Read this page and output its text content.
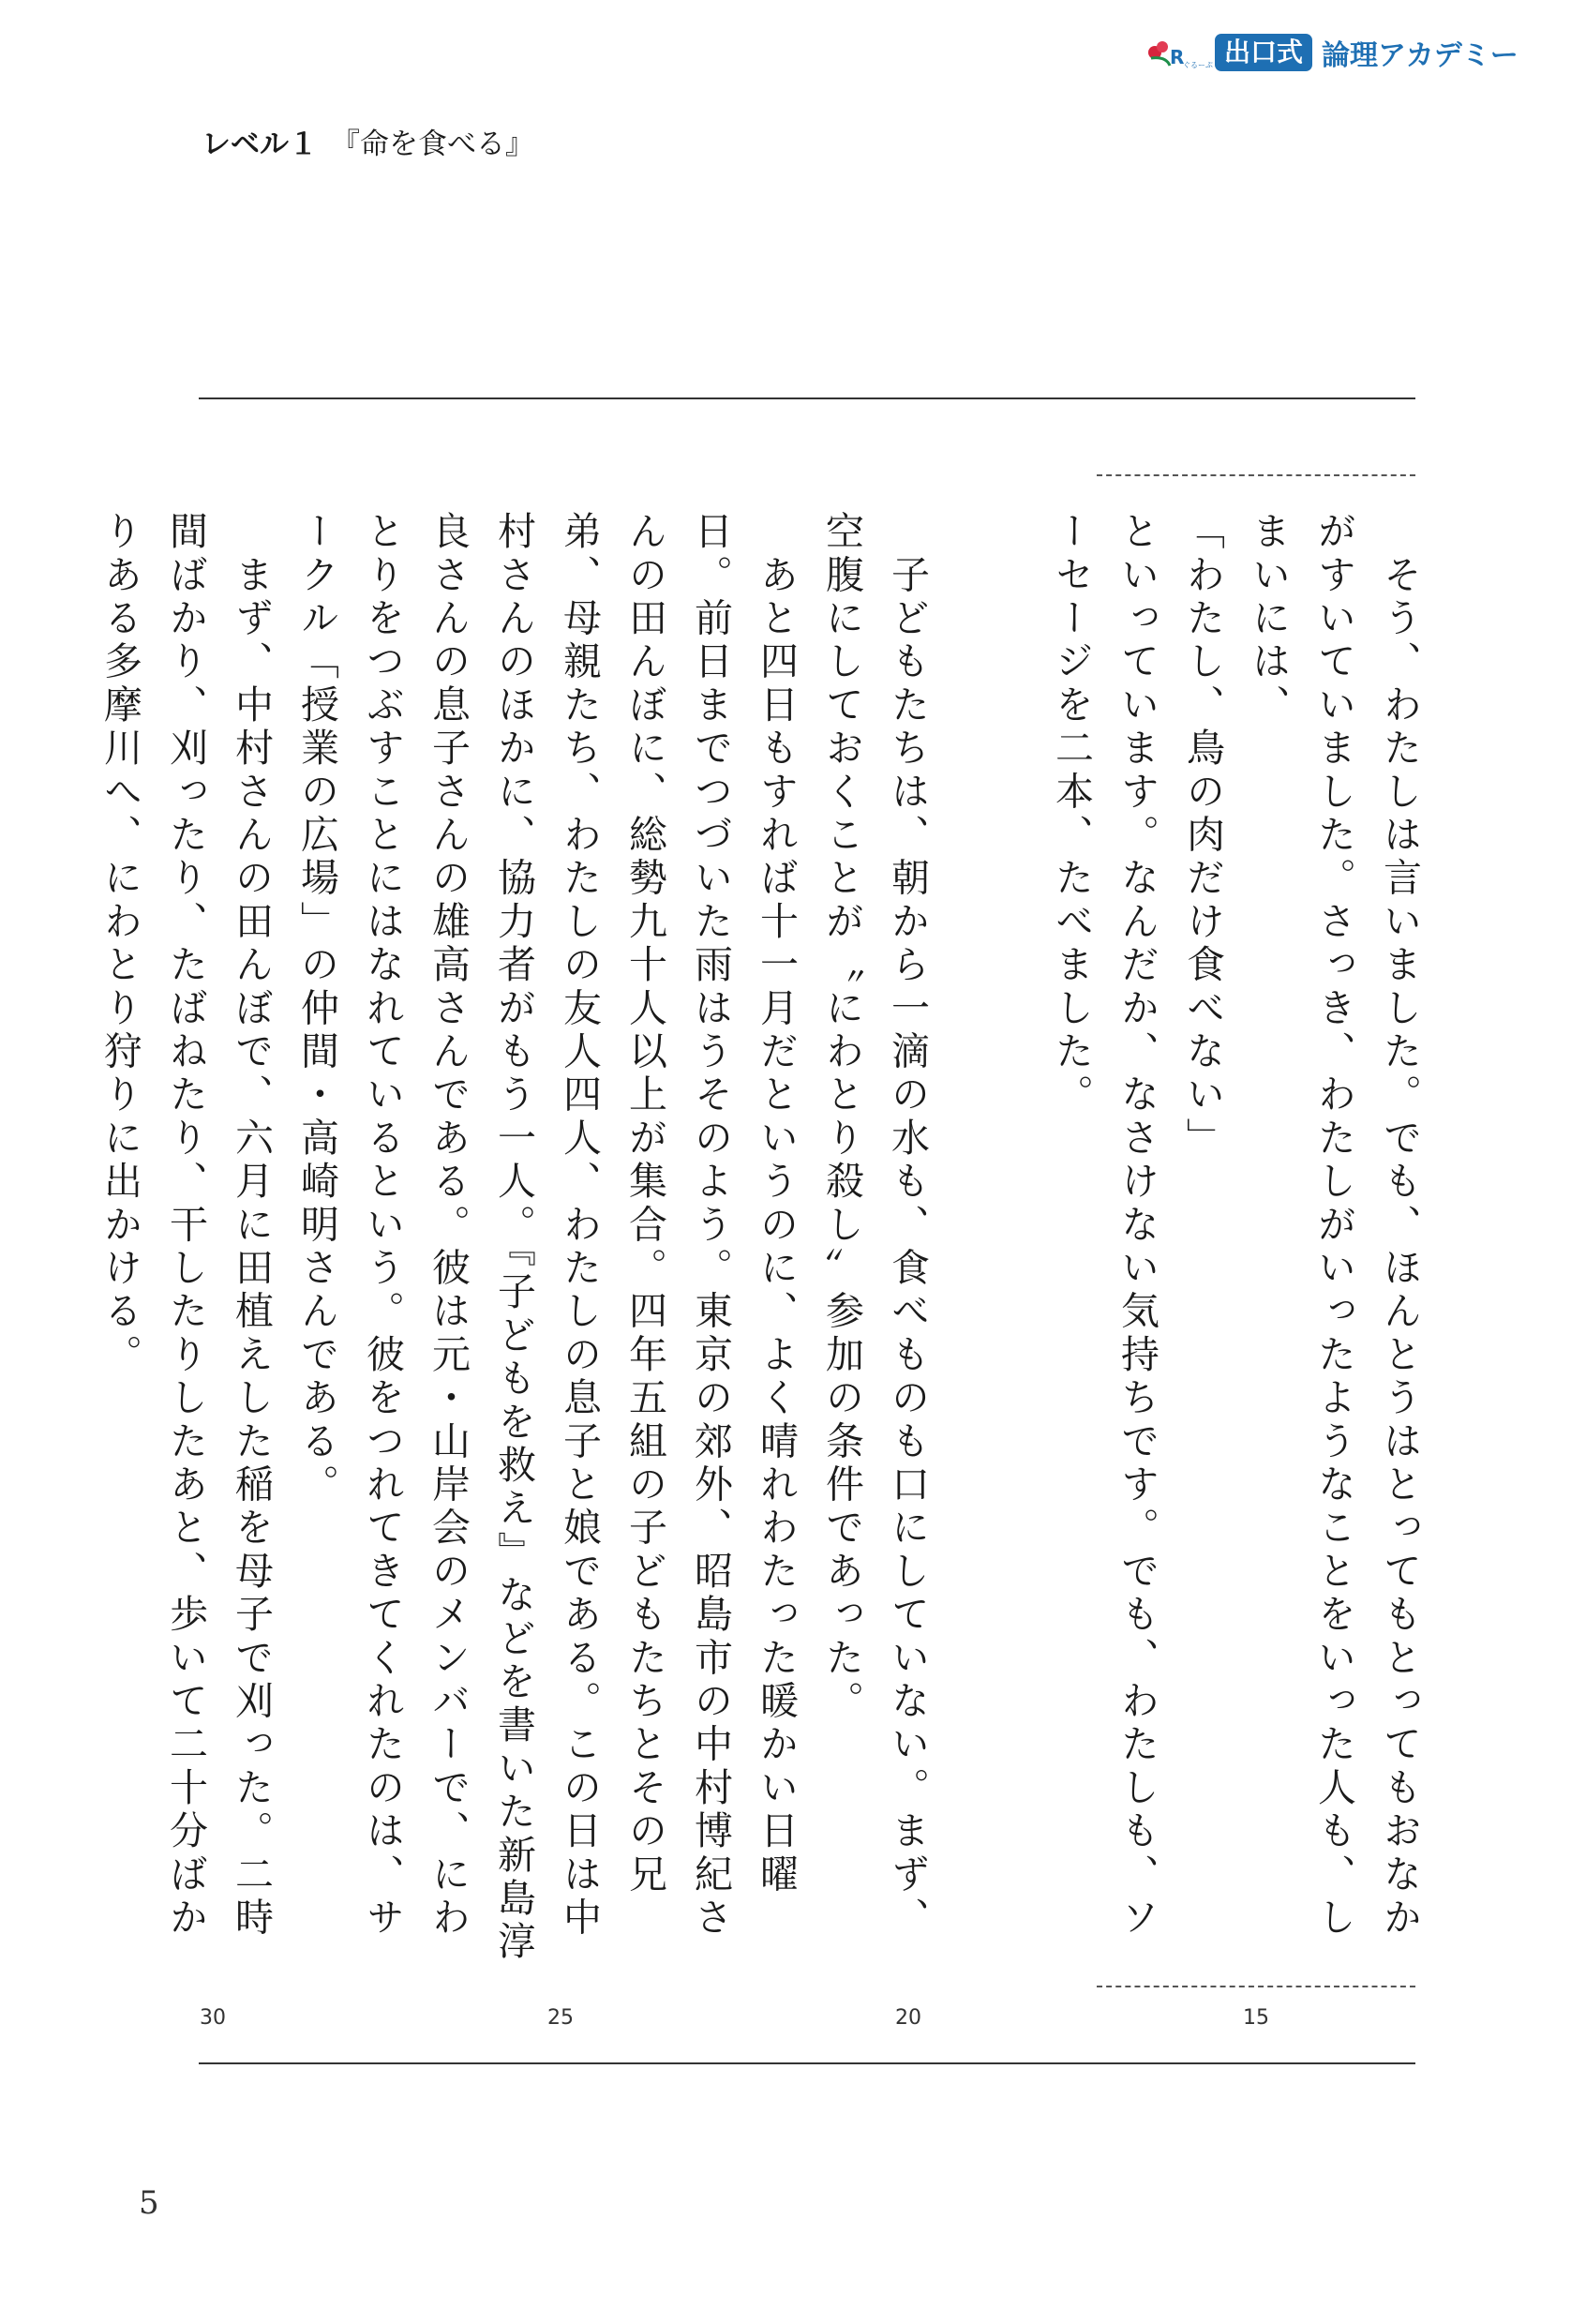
R
ぐるーぷ 出口式 論理アカデミー
レベル１ 『命を食べる』

　そう、わたしは言いました。でも、ほんとうはとってもとってもおなかがすいていました。さっき、わたしがいったようなことをいった人も、しまいには、

「わたし、鳥の肉だけ食べない」

といっています。なんだか、なさけない気持ちです。でも、わたしも、ソーセージを二本、たべました。

　子どもたちは、朝から一滴の水も、食べものも口にしていない。まず、空腹にしておくことが〝にわとり殺し〟参加の条件であった。

　あと四日もすれば十一月だというのに、よく晴れわたった暖かい日曜日。前日までつづいた雨はうそのよう。東京の郊外、昭島市の中村博紀さんの田んぼに、総勢九十人以上が集合。四年五組の子どもたちとその兄弟、母親たち、わたしの友人四人、わたしの息子と娘である。この日は中村さんのほかに、協力者がもう一人。『子どもを救え』などを書いた新島淳良さんの息子さんの雄高さんである。彼は元・山岸会のメンバーで、にわとりをつぶすことにはなれているという。彼をつれてきてくれたのは、サークル「授業の広場」の仲間・高崎明さんである。

　まず、中村さんの田んぼで、六月に田植えした稲を母子で刈った。二時間ばかり、刈ったり、たばねたり、干したりしたあと、歩いて二十分ばかりある多摩川へ、にわとり狩りに出かける。

15
20
25
30
5
